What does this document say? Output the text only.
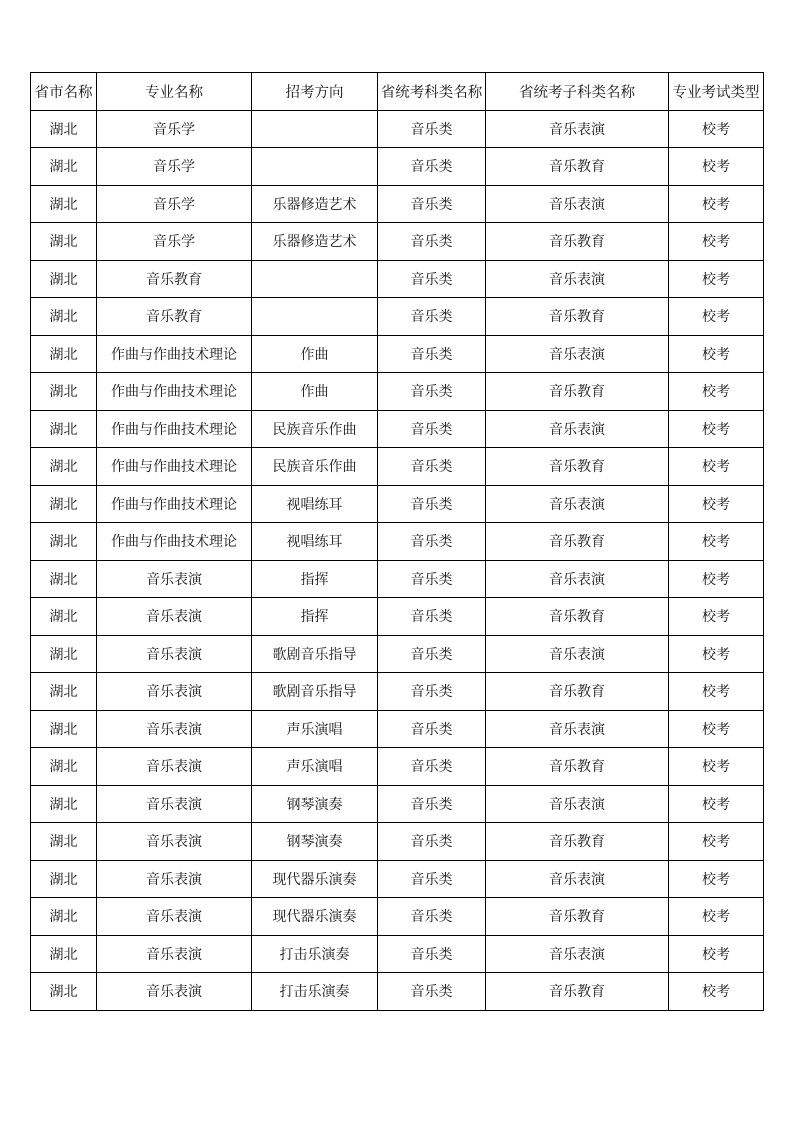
省市名称	专业名称	招考方向	省统考科类名称	省统考子科类名称	专业考试类型
湖北	音乐学		音乐类	音乐表演	校考
湖北	音乐学		音乐类	音乐教育	校考
湖北	音乐学	乐器修造艺术	音乐类	音乐表演	校考
湖北	音乐学	乐器修造艺术	音乐类	音乐教育	校考
湖北	音乐教育		音乐类	音乐表演	校考
湖北	音乐教育		音乐类	音乐教育	校考
湖北	作曲与作曲技术理论	作曲	音乐类	音乐表演	校考
湖北	作曲与作曲技术理论	作曲	音乐类	音乐教育	校考
湖北	作曲与作曲技术理论	民族音乐作曲	音乐类	音乐表演	校考
湖北	作曲与作曲技术理论	民族音乐作曲	音乐类	音乐教育	校考
湖北	作曲与作曲技术理论	视唱练耳	音乐类	音乐表演	校考
湖北	作曲与作曲技术理论	视唱练耳	音乐类	音乐教育	校考
湖北	音乐表演	指挥	音乐类	音乐表演	校考
湖北	音乐表演	指挥	音乐类	音乐教育	校考
湖北	音乐表演	歌剧音乐指导	音乐类	音乐表演	校考
湖北	音乐表演	歌剧音乐指导	音乐类	音乐教育	校考
湖北	音乐表演	声乐演唱	音乐类	音乐表演	校考
湖北	音乐表演	声乐演唱	音乐类	音乐教育	校考
湖北	音乐表演	钢琴演奏	音乐类	音乐表演	校考
湖北	音乐表演	钢琴演奏	音乐类	音乐教育	校考
湖北	音乐表演	现代器乐演奏	音乐类	音乐表演	校考
湖北	音乐表演	现代器乐演奏	音乐类	音乐教育	校考
湖北	音乐表演	打击乐演奏	音乐类	音乐表演	校考
湖北	音乐表演	打击乐演奏	音乐类	音乐教育	校考
